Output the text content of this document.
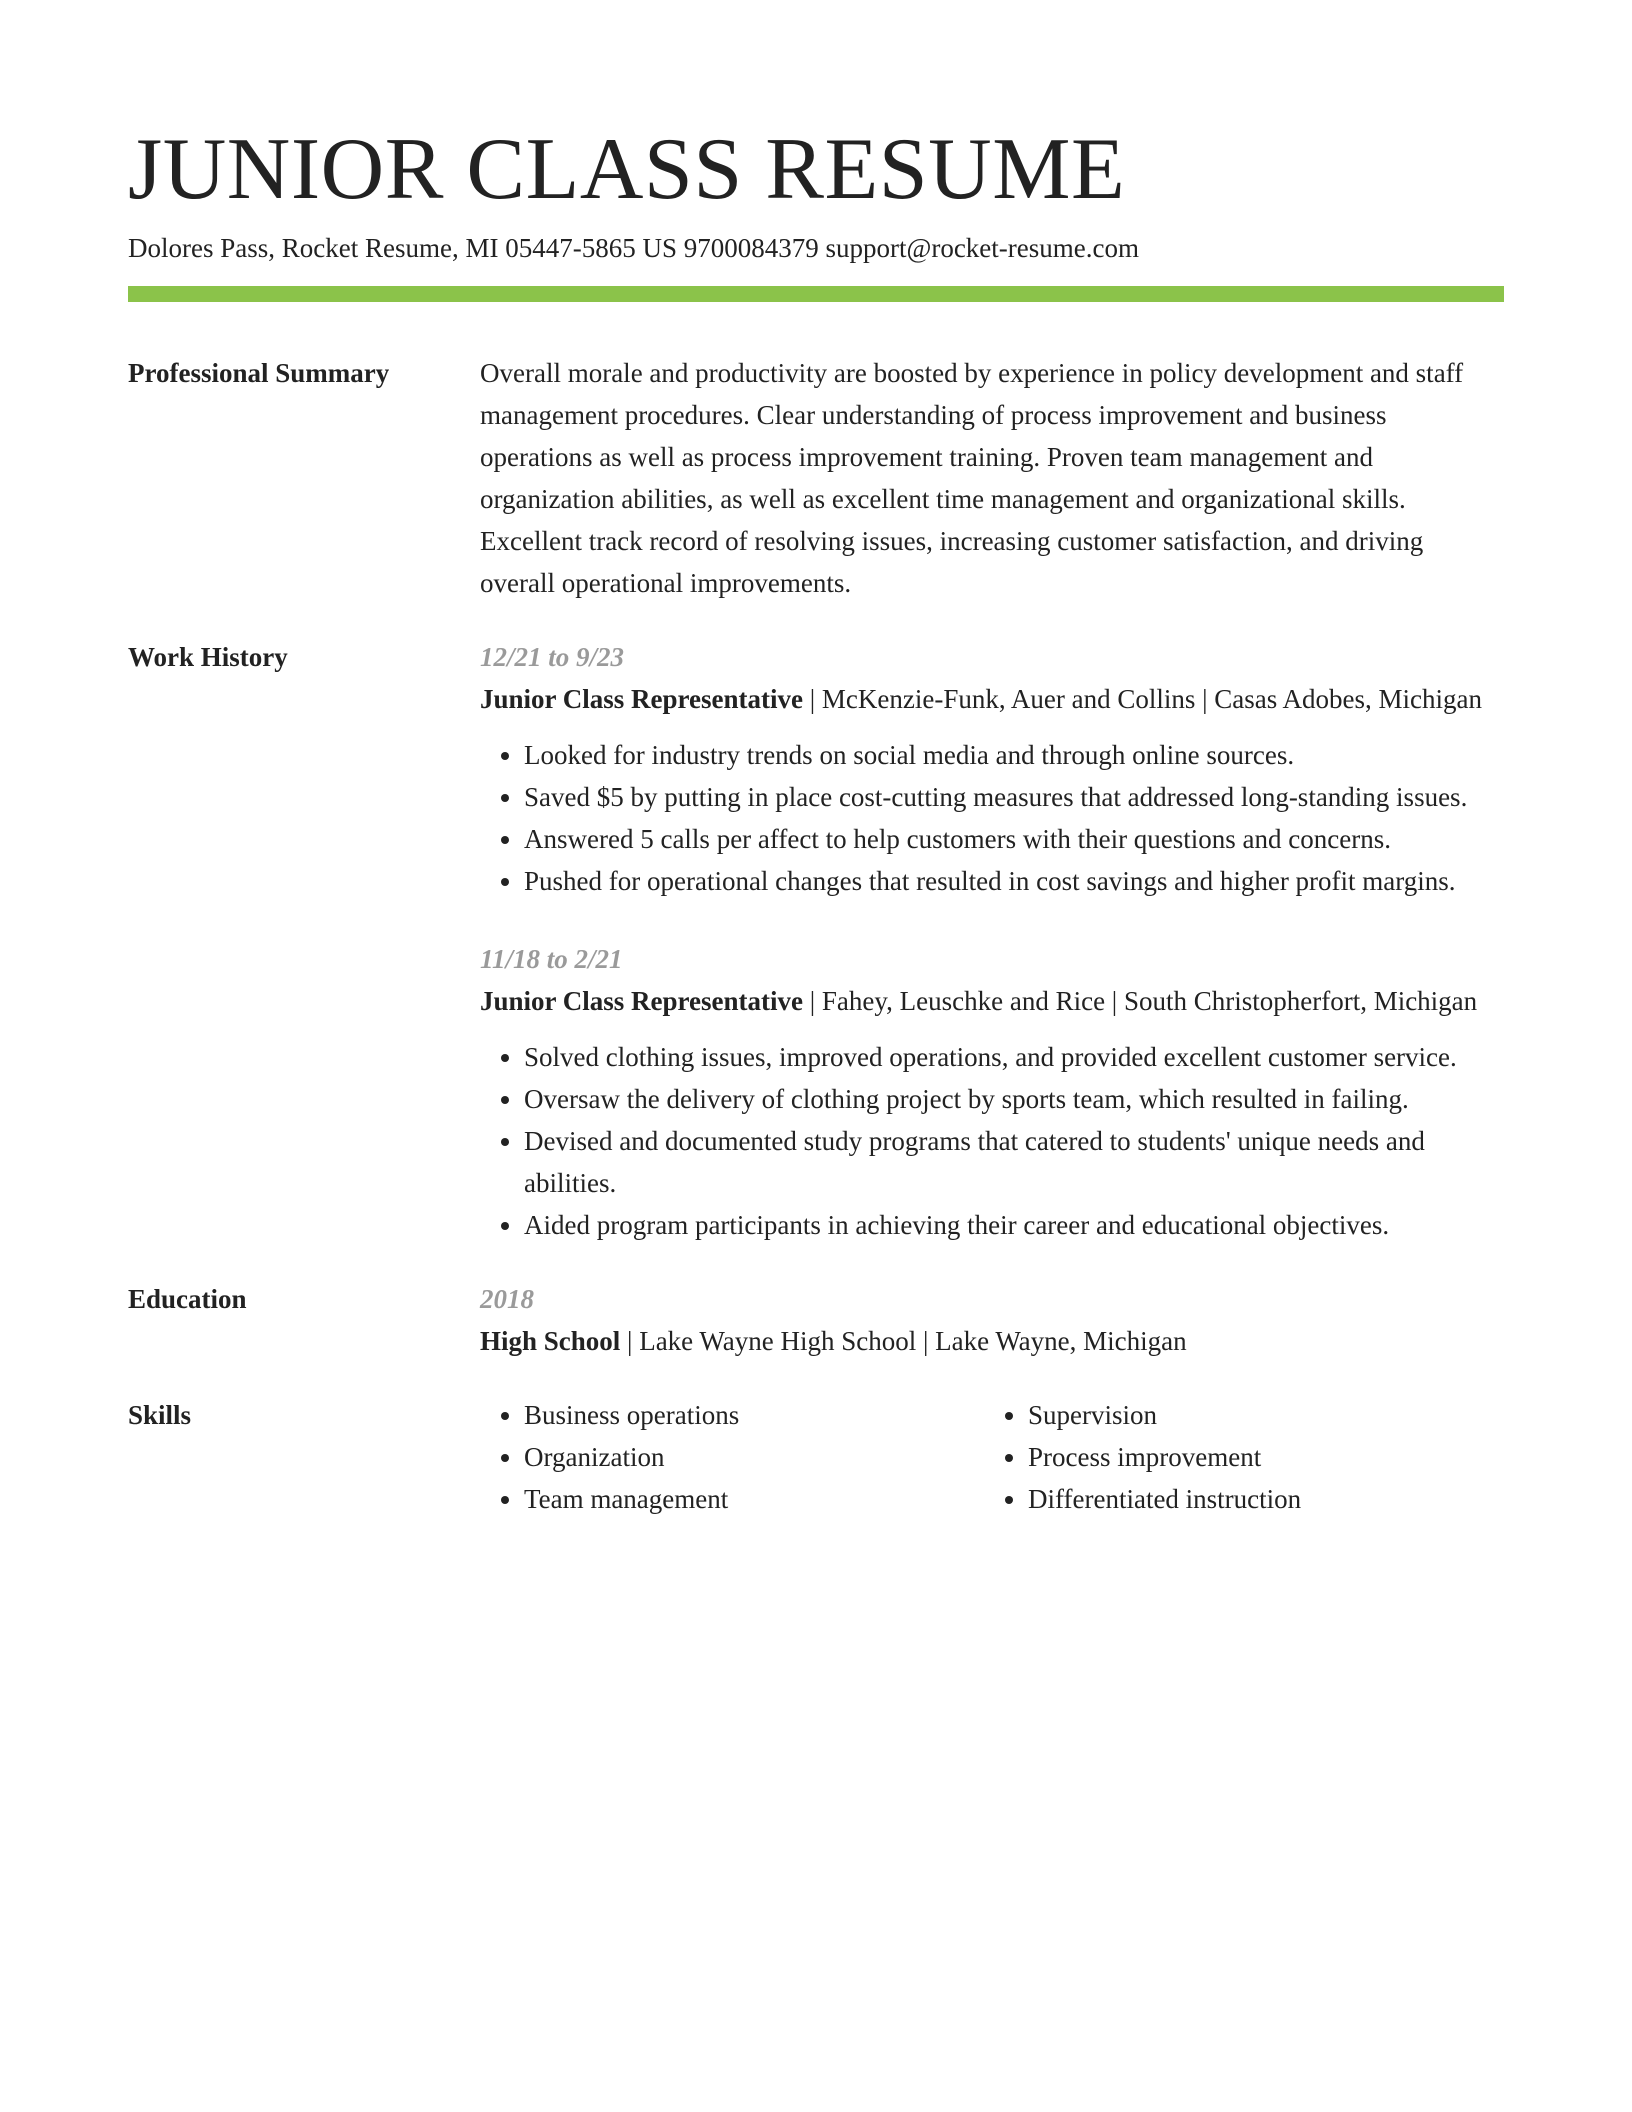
JUNIOR CLASS RESUME
Dolores Pass, Rocket Resume, MI 05447-5865 US 9700084379 support@rocket-resume.com
Professional Summary	Overall morale and productivity are boosted by experience in policy development and staff management procedures. Clear understanding of process improvement and business operations as well as process improvement training. Proven team management and organization abilities, as well as excellent time management and organizational skills. Excellent track record of resolving issues, increasing customer satisfaction, and driving overall operational improvements.

Work History	12/21 to 9/23
Junior Class Representative | McKenzie-Funk, Auer and Collins | Casas Adobes, Michigan
• Looked for industry trends on social media and through online sources.
• Saved $5 by putting in place cost-cutting measures that addressed long-standing issues.
• Answered 5 calls per affect to help customers with their questions and concerns.
• Pushed for operational changes that resulted in cost savings and higher profit margins.
11/18 to 2/21
Junior Class Representative | Fahey, Leuschke and Rice | South Christopherfort, Michigan
• Solved clothing issues, improved operations, and provided excellent customer service.
• Oversaw the delivery of clothing project by sports team, which resulted in failing.
• Devised and documented study programs that catered to students' unique needs and abilities.
• Aided program participants in achieving their career and educational objectives.
Education	2018
High School | Lake Wayne High School | Lake Wayne, Michigan
Skills
•	Business operations
• Organization
• Team management
• Supervision
• Process improvement
• Differentiated instruction
